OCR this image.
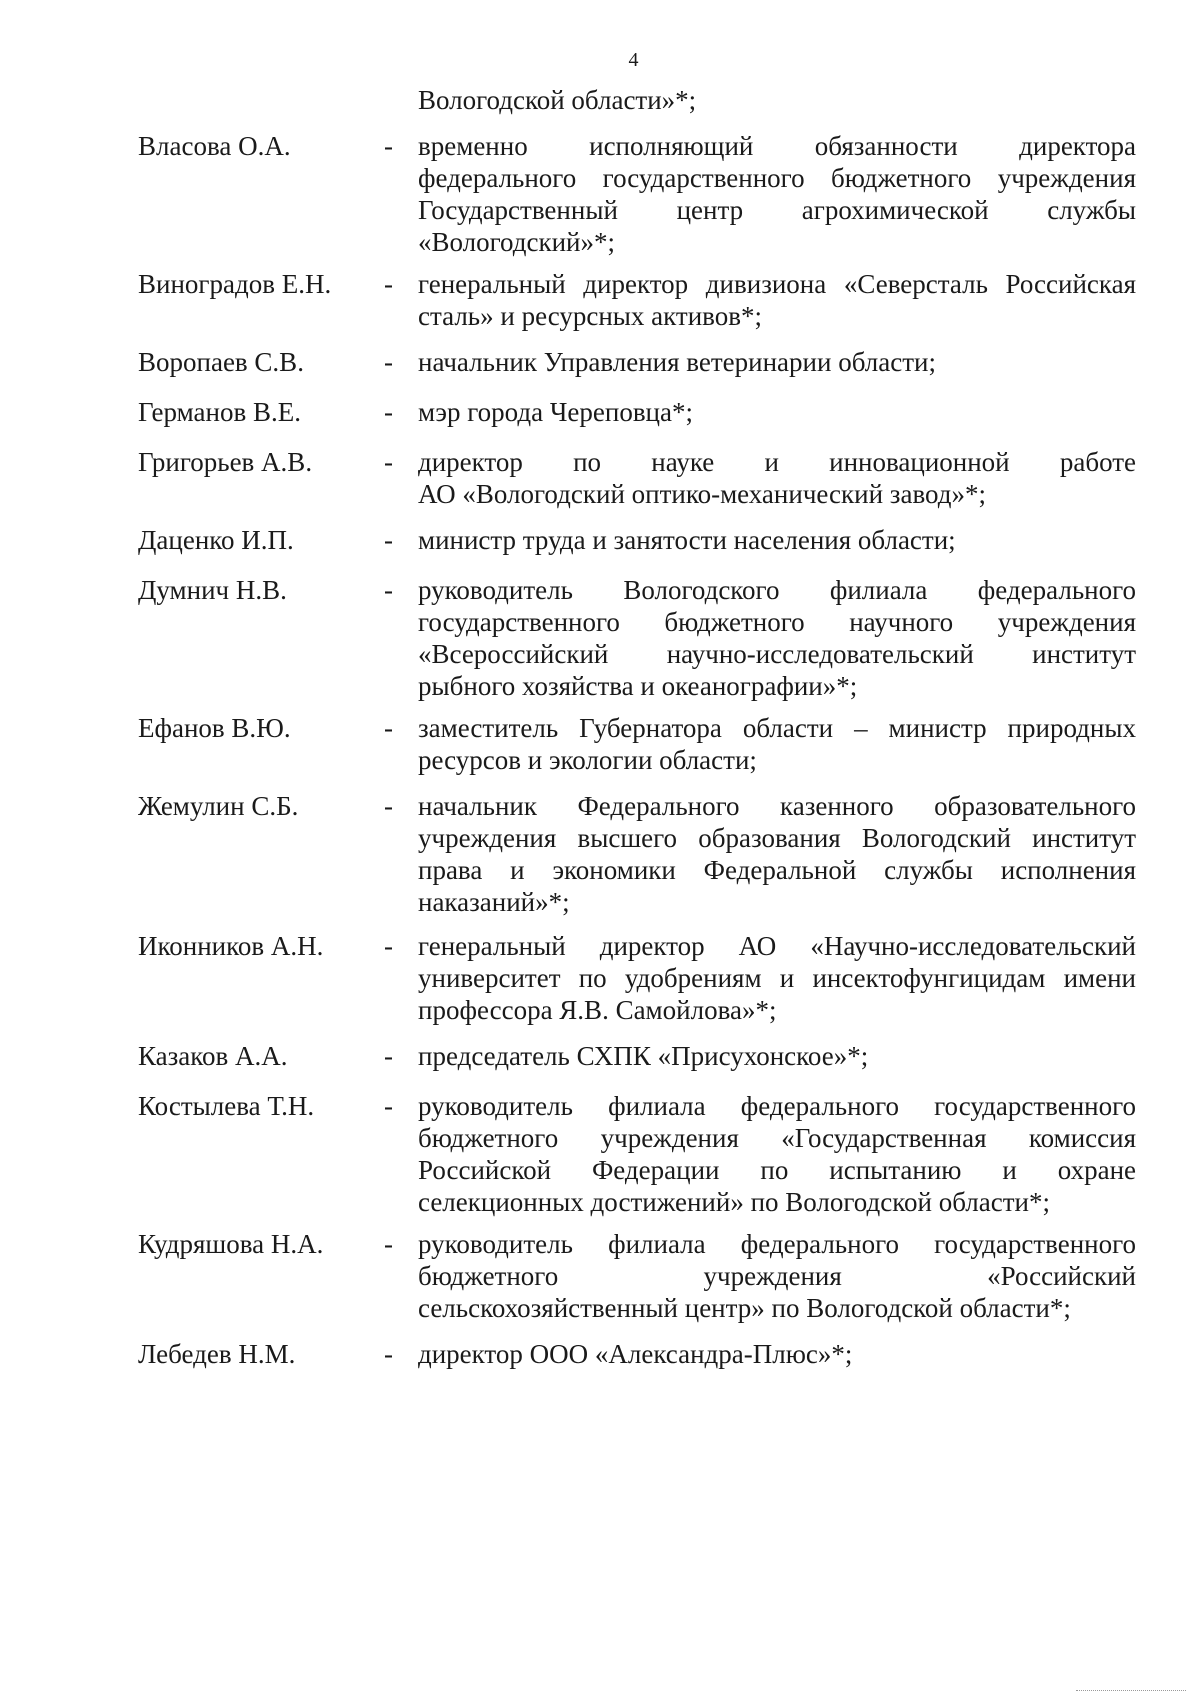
4
Вологодской области»*;
Власова О.А.	- временно исполняющий обязанности директора
федерального государственного бюджетного учреждения
Государственный центр агрохимической службы
«Вологодский»*;
Виноградов Е.Н. - генеральный директор дивизиона «Северсталь Российская
сталь» и ресурсных активов*;
Воропаев С.В.	- начальник Управления ветеринарии области;
Германов В.Е.	- мэр города Череповца*;
Григорьев А.В.	- директор по науке и инновационной работе
АО «Вологодский оптико-механический завод»*;
Даценко И.П.	- министр труда и занятости населения области;
Думнич Н.В.	- руководитель Вологодского филиала федерального
государственного бюджетного научного учреждения
«Всероссийский научно-исследовательский институт
рыбного хозяйства и океанографии»*;
Ефанов В.Ю.	- заместитель Губернатора области – министр природных
ресурсов и экологии области;
Жемулин С.Б.	- начальник Федерального казенного образовательного
учреждения высшего образования Вологодский институт
права и экономики Федеральной службы исполнения
наказаний»*;
Иконников А.Н. - генеральный директор АО «Научно-исследовательский
университет по удобрениям и инсектофунгицидам имени
профессора Я.В. Самойлова»*;
Казаков А.А.	- председатель СХПК «Присухонское»*;
Костылева Т.Н.	- руководитель филиала федерального государственного
бюджетного учреждения «Государственная комиссия
Российской Федерации по испытанию и охране
селекционных достижений» по Вологодской области*;
Кудряшова Н.А. - руководитель филиала федерального государственного
бюджетного учреждения «Российский
сельскохозяйственный центр» по Вологодской области*;
Лебедев Н.М.	- директор ООО «Александра-Плюс»*;
